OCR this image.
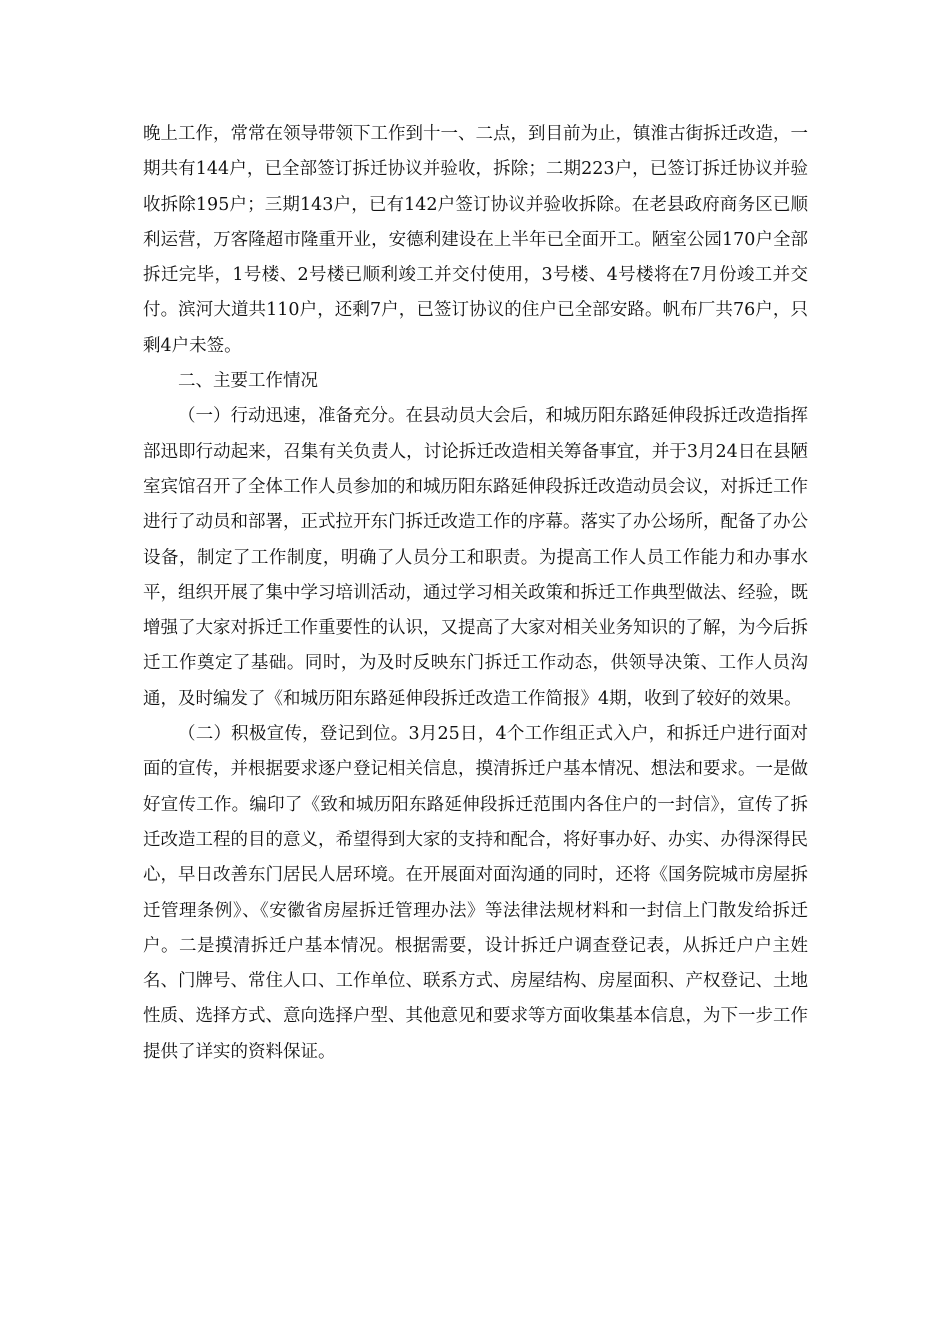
晚上工作，常常在领导带领下工作到十一、二点，到目前为止，镇淮古街拆迁改造，一期共有144户，已全部签订拆迁协议并验收，拆除；二期223户，已签订拆迁协议并验收拆除195户；三期143户，已有142户签订协议并验收拆除。在老县政府商务区已顺利运营，万客隆超市隆重开业，安德利建设在上半年已全面开工。陋室公园170户全部拆迁完毕，1号楼、2号楼已顺利竣工并交付使用，3号楼、4号楼将在7月份竣工并交付。滨河大道共110户，还剩7户，已签订协议的住户已全部安路。帆布厂共76户，只剩4户未签。

二、主要工作情况

（一）行动迅速，准备充分。在县动员大会后，和城历阳东路延伸段拆迁改造指挥部迅即行动起来，召集有关负责人，讨论拆迁改造相关筹备事宜，并于3月24日在县陋室宾馆召开了全体工作人员参加的和城历阳东路延伸段拆迁改造动员会议，对拆迁工作进行了动员和部署，正式拉开东门拆迁改造工作的序幕。落实了办公场所，配备了办公设备，制定了工作制度，明确了人员分工和职责。为提高工作人员工作能力和办事水平，组织开展了集中学习培训活动，通过学习相关政策和拆迁工作典型做法、经验，既增强了大家对拆迁工作重要性的认识，又提高了大家对相关业务知识的了解，为今后拆迁工作奠定了基础。同时，为及时反映东门拆迁工作动态，供领导决策、工作人员沟通，及时编发了《和城历阳东路延伸段拆迁改造工作简报》4期，收到了较好的效果。

（二）积极宣传，登记到位。3月25日，4个工作组正式入户，和拆迁户进行面对面的宣传，并根据要求逐户登记相关信息，摸清拆迁户基本情况、想法和要求。一是做好宣传工作。编印了《致和城历阳东路延伸段拆迁范围内各住户的一封信》，宣传了拆迁改造工程的目的意义，希望得到大家的支持和配合，将好事办好、办实、办得深得民心，早日改善东门居民人居环境。在开展面对面沟通的同时，还将《国务院城市房屋拆迁管理条例》、《安徽省房屋拆迁管理办法》等法律法规材料和一封信上门散发给拆迁户。二是摸清拆迁户基本情况。根据需要，设计拆迁户调查登记表，从拆迁户户主姓名、门牌号、常住人口、工作单位、联系方式、房屋结构、房屋面积、产权登记、土地性质、选择方式、意向选择户型、其他意见和要求等方面收集基本信息，为下一步工作提供了详实的资料保证。
